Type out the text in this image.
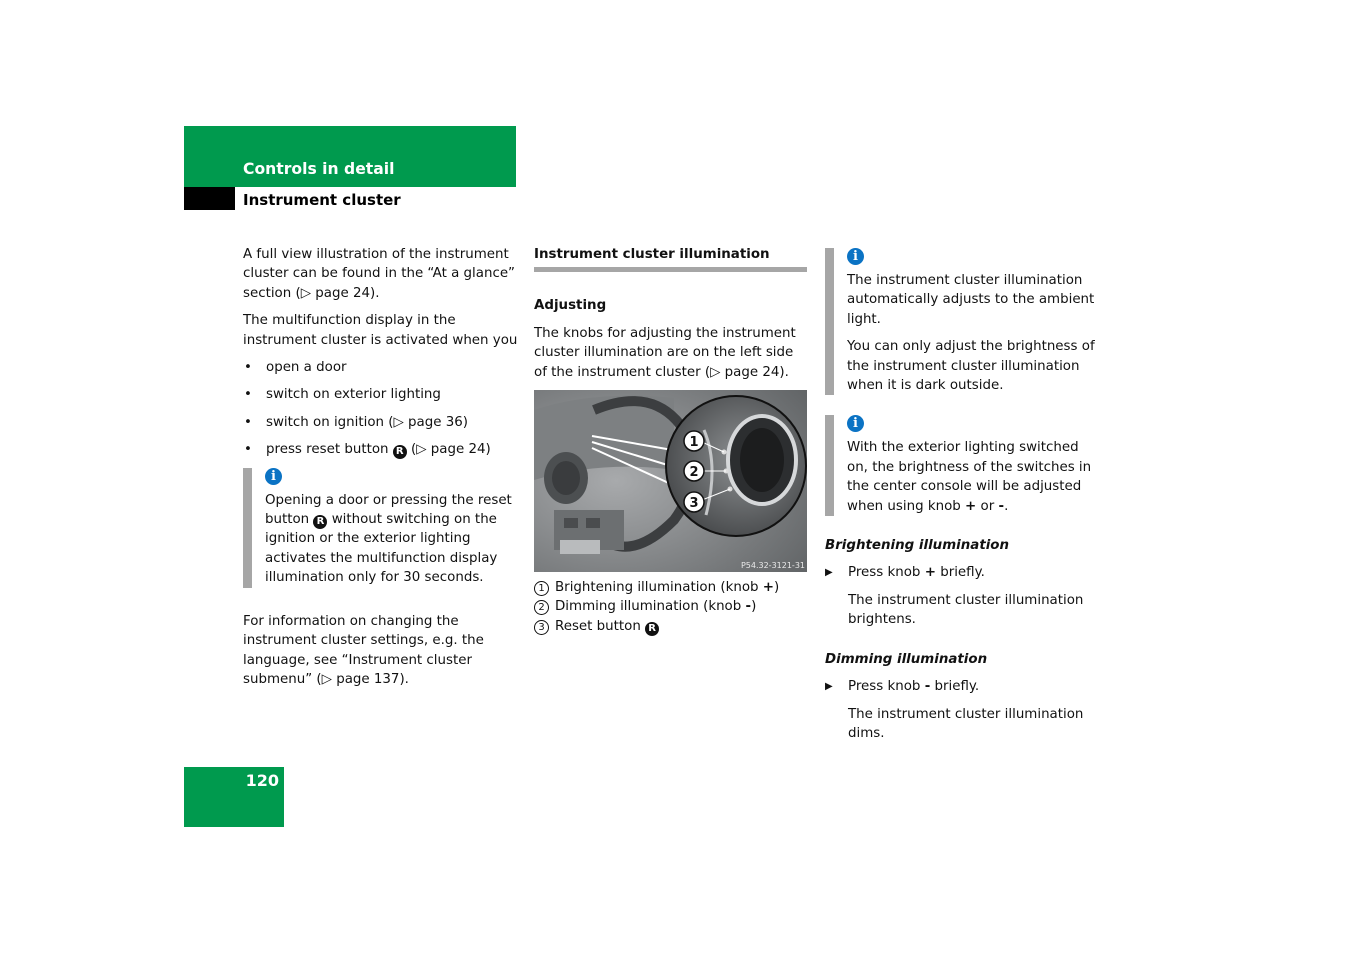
Controls in detail
Instrument cluster

A full view illustration of the instrument cluster can be found in the “At a glance” section (▷ page 24).

The multifunction display in the instrument cluster is activated when you

• open a door
• switch on exterior lighting
• switch on ignition (▷ page 36)
• press reset button R (▷ page 24)
i

Opening a door or pressing the reset button R without switching on the ignition or the exterior lighting activates the multifunction display illumination only for 30 seconds.

For information on changing the instrument cluster settings, e.g. the language, see “Instrument cluster submenu” (▷ page 137).

Instrument cluster illumination
Adjusting

The knobs for adjusting the instrument cluster illumination are on the left side of the instrument cluster (▷ page 24).

1
2
3
P54.32-3121-31
1 Brightening illumination (knob +)
2 Dimming illumination (knob -)
3 Reset button R
i

The instrument cluster illumination automatically adjusts to the ambient light.

You can only adjust the brightness of the instrument cluster illumination when it is dark outside.

i

With the exterior lighting switched on, the brightness of the switches in the center console will be adjusted when using knob + or -.

Brightening illumination
▶ Press knob + briefly.

The instrument cluster illumination brightens.

Dimming illumination
▶ Press knob - briefly.

The instrument cluster illumination dims.

120
